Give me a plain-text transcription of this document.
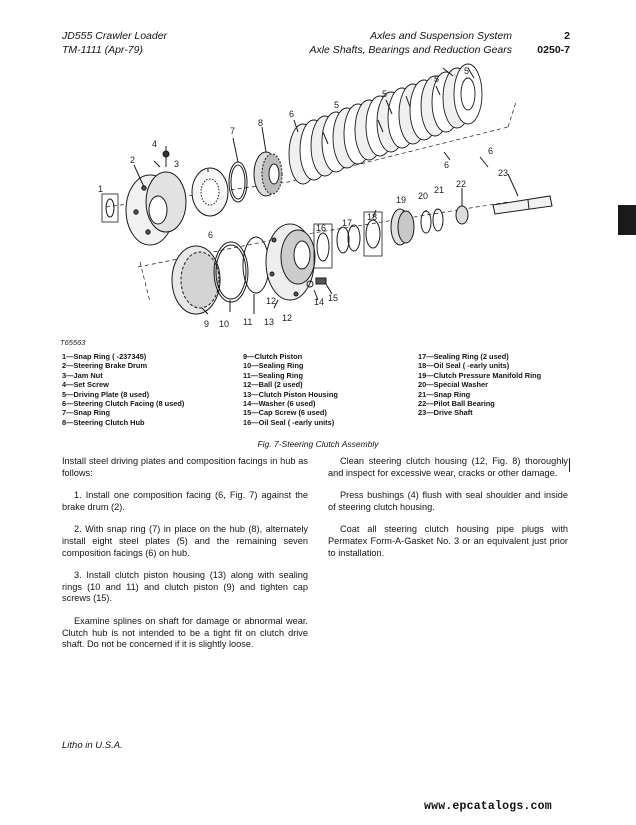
JD555 Crawler Loader
TM-1111 (Apr-79)
Axles and Suspension System
Axle Shafts, Bearings and Reduction Gears
2
0250-7
2
1
3
4
7
8
6
6
5
5
5
5
6
6
9 10 11 13
12
12
14 15
16 17
18
19 20
21
22
23
T65563
1—Snap Ring ( -237345)
2—Steering Brake Drum
3—Jam Nut
4—Set Screw
5—Driving Plate (8 used)
6—Steering Clutch Facing (8 used)
7—Snap Ring
8—Steering Clutch Hub
9—Clutch Piston
10—Sealing Ring
11—Sealing Ring
12—Ball (2 used)
13—Clutch Piston Housing
14—Washer (6 used)
15—Cap Screw (6 used)
16—Oil Seal ( -early units)
17—Sealing Ring (2 used)
18—Oil Seal ( -early units)
19—Clutch Pressure Manifold Ring
20—Special Washer
21—Snap Ring
22—Pilot Ball Bearing
23—Drive Shaft
Fig. 7-Steering Clutch Assembly

Install steel driving plates and composition facings in hub as follows:

1. Install one composition facing (6, Fig. 7) against the brake drum (2).

2. With snap ring (7) in place on the hub (8), alternately install eight steel plates (5) and the remaining seven composition facings (6) on hub.

3. Install clutch piston housing (13) along with sealing rings (10 and 11) and clutch piston (9) and tighten cap screws (15).

Examine splines on shaft for damage or abnormal wear. Clutch hub is not intended to be a tight fit on clutch drive shaft. Do not be concerned if it is slightly loose.

Clean steering clutch housing (12, Fig. 8) thoroughly and inspect for excessive wear, cracks or other damage.

Press bushings (4) flush with seal shoulder and inside of steering clutch housing.

Coat all steering clutch housing pipe plugs with Permatex Form-A-Gasket No. 3 or an equivalent just prior to installation.

Litho in U.S.A.
www.epcatalogs.com
